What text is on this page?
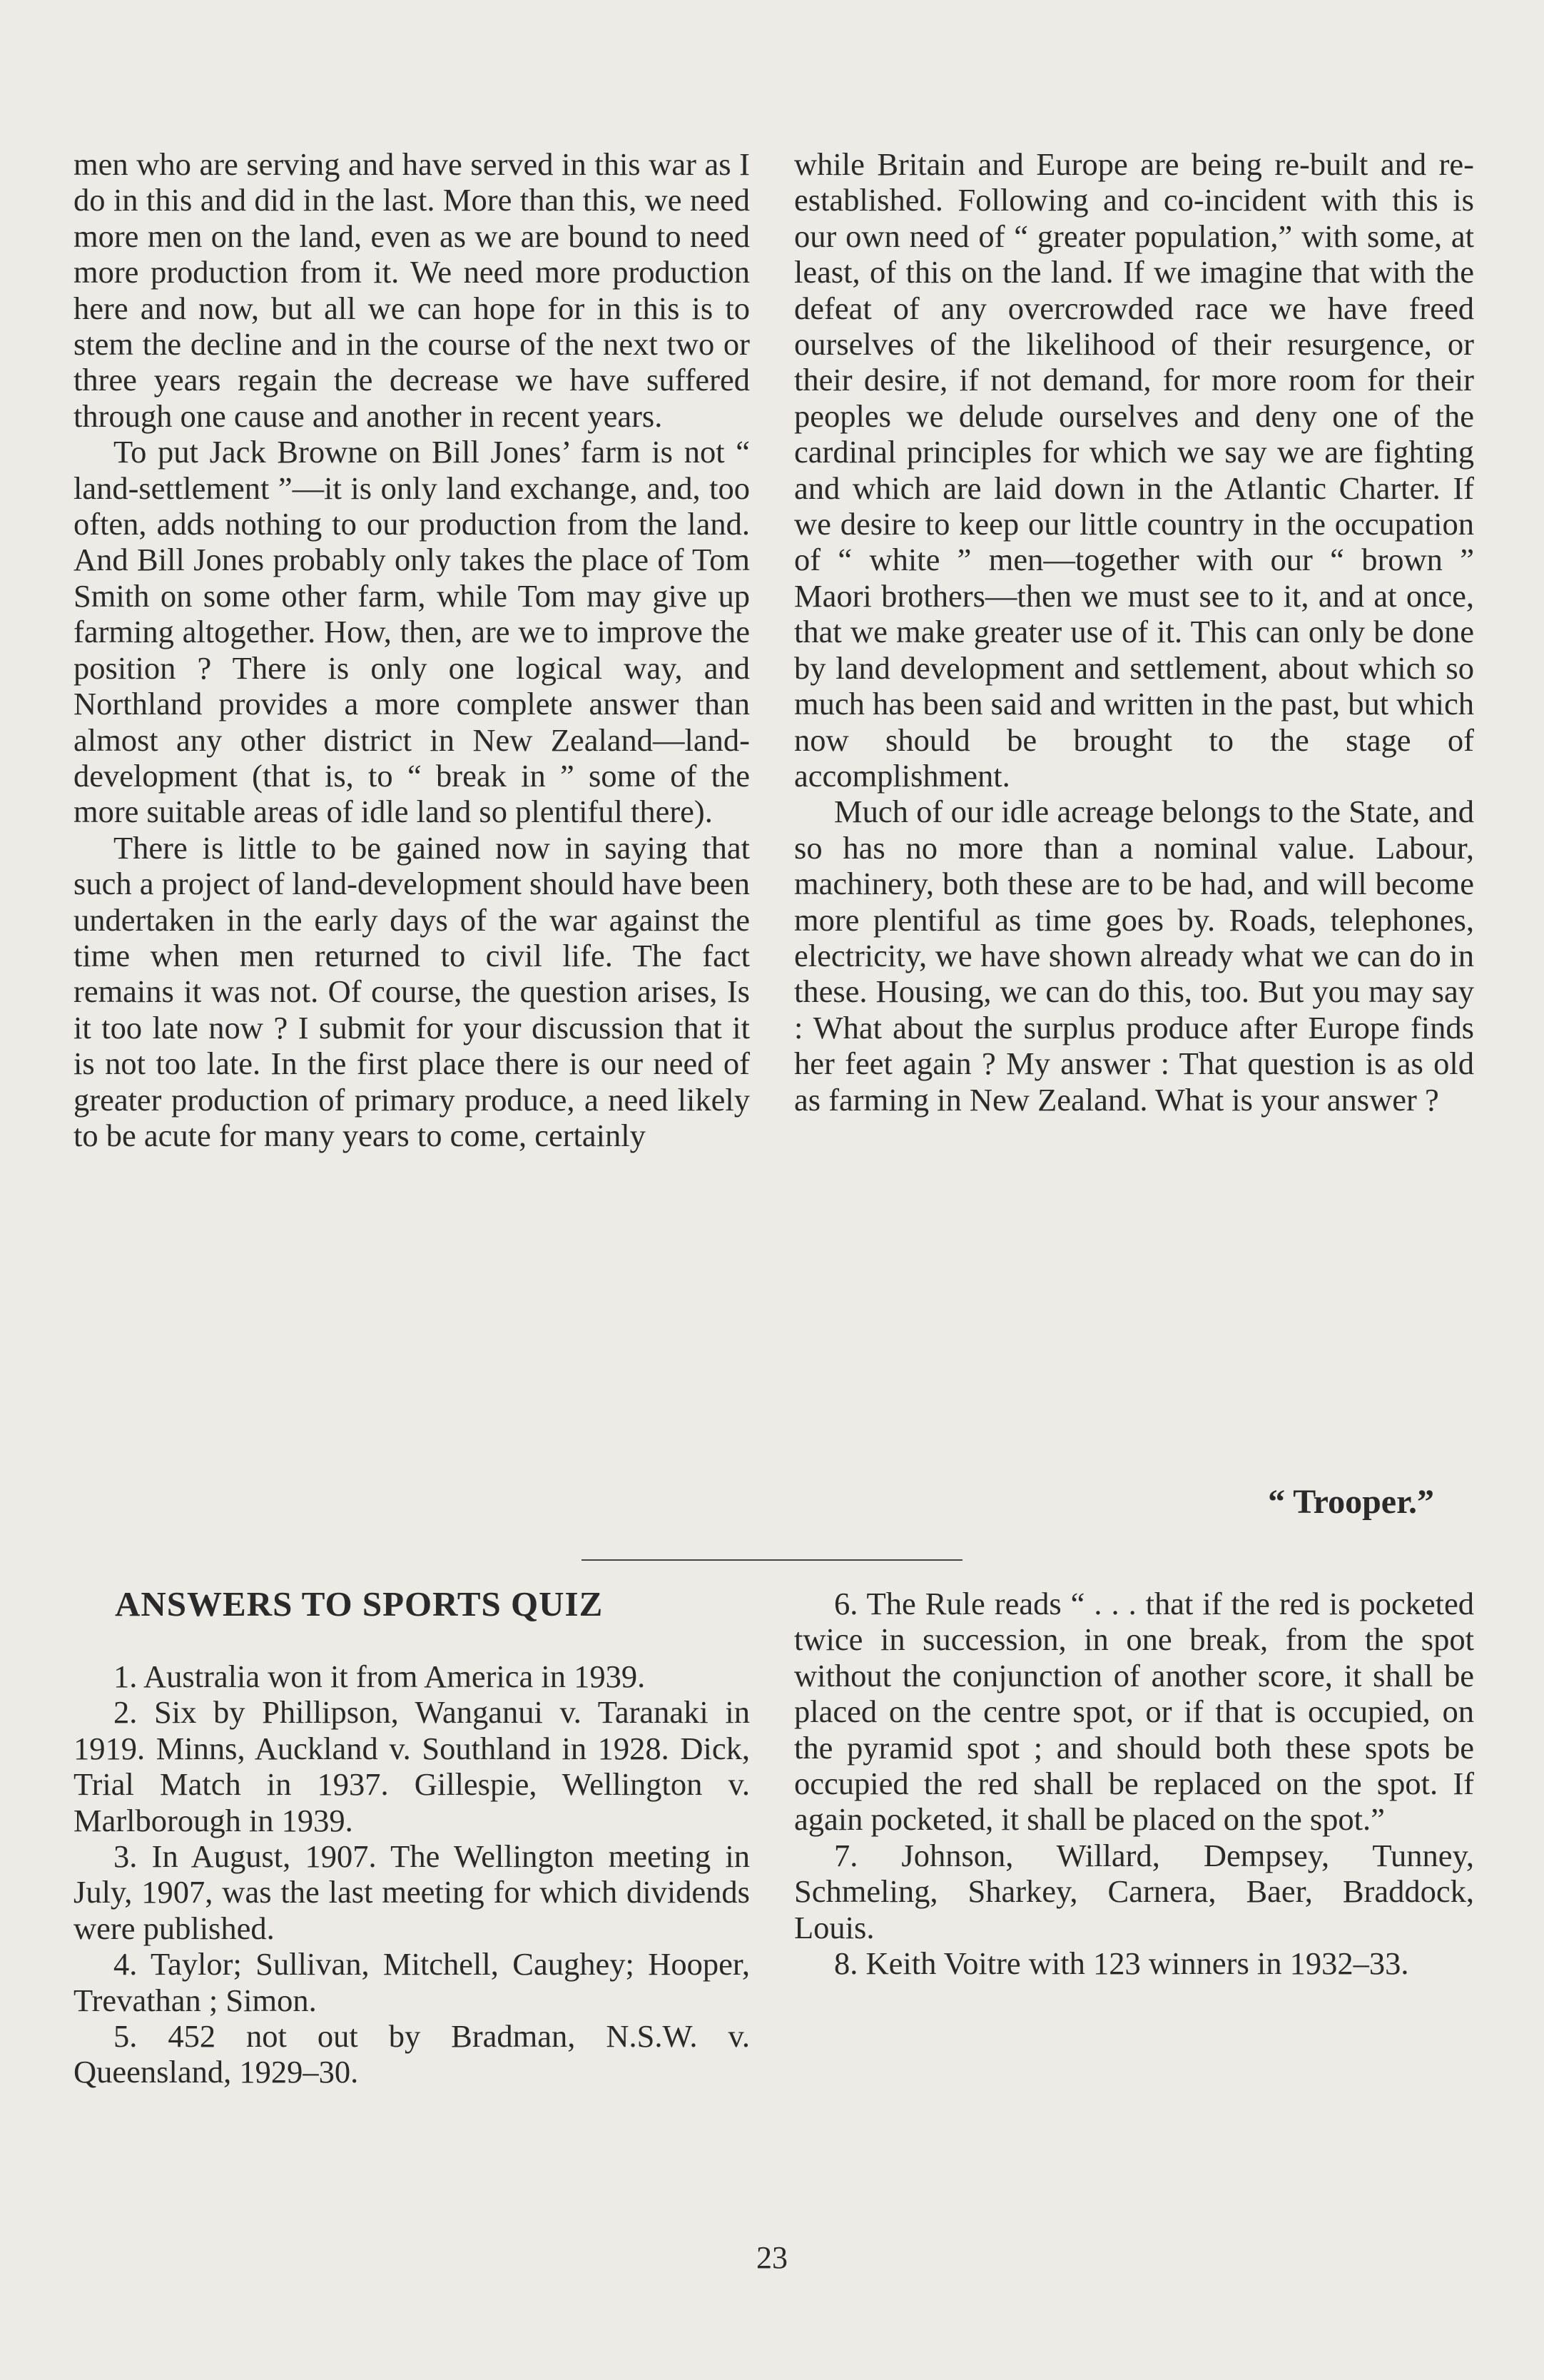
men who are serving and have served in this war as I do in this and did in the last. More than this, we need more men on the land, even as we are bound to need more production from it. We need more production here and now, but all we can hope for in this is to stem the decline and in the course of the next two or three years regain the decrease we have suffered through one cause and another in recent years.

To put Jack Browne on Bill Jones’ farm is not “ land-settlement ”—it is only land exchange, and, too often, adds nothing to our production from the land. And Bill Jones probably only takes the place of Tom Smith on some other farm, while Tom may give up farming altogether. How, then, are we to improve the position ? There is only one logical way, and Northland provides a more complete answer than almost any other district in New Zealand—land-development (that is, to “ break in ” some of the more suitable areas of idle land so plentiful there).

There is little to be gained now in saying that such a project of land-development should have been undertaken in the early days of the war against the time when men returned to civil life. The fact remains it was not. Of course, the question arises, Is it too late now ? I submit for your discussion that it is not too late. In the first place there is our need of greater production of primary produce, a need likely to be acute for many years to come, certainly

while Britain and Europe are being re-built and re-established. Following and co-incident with this is our own need of “ greater population,” with some, at least, of this on the land. If we imagine that with the defeat of any overcrowded race we have freed ourselves of the likelihood of their resurgence, or their desire, if not demand, for more room for their peoples we delude ourselves and deny one of the cardinal principles for which we say we are fighting and which are laid down in the Atlantic Charter. If we desire to keep our little country in the occupation of “ white ” men—together with our “ brown ” Maori brothers—then we must see to it, and at once, that we make greater use of it. This can only be done by land development and settlement, about which so much has been said and written in the past, but which now should be brought to the stage of accomplishment.

Much of our idle acreage belongs to the State, and so has no more than a nominal value. Labour, machinery, both these are to be had, and will become more plentiful as time goes by. Roads, telephones, electricity, we have shown already what we can do in these. Housing, we can do this, too. But you may say : What about the surplus produce after Europe finds her feet again ? My answer : That question is as old as farming in New Zealand. What is your answer ?

“ Trooper.”
ANSWERS TO SPORTS QUIZ

1. Australia won it from America in 1939.

2. Six by Phillipson, Wanganui v. Taranaki in 1919. Minns, Auckland v. Southland in 1928. Dick, Trial Match in 1937. Gillespie, Wellington v. Marlborough in 1939.

3. In August, 1907. The Wellington meeting in July, 1907, was the last meeting for which dividends were published.

4. Taylor; Sullivan, Mitchell, Caughey; Hooper, Trevathan ; Simon.

5. 452 not out by Bradman, N.S.W. v. Queensland, 1929–30.

6. The Rule reads “ . . . that if the red is pocketed twice in succession, in one break, from the spot without the conjunction of another score, it shall be placed on the centre spot, or if that is occupied, on the pyramid spot ; and should both these spots be occupied the red shall be replaced on the spot. If again pocketed, it shall be placed on the spot.”

7. Johnson, Willard, Dempsey, Tunney, Schmeling, Sharkey, Carnera, Baer, Braddock, Louis.

8. Keith Voitre with 123 winners in 1932–33.

23
